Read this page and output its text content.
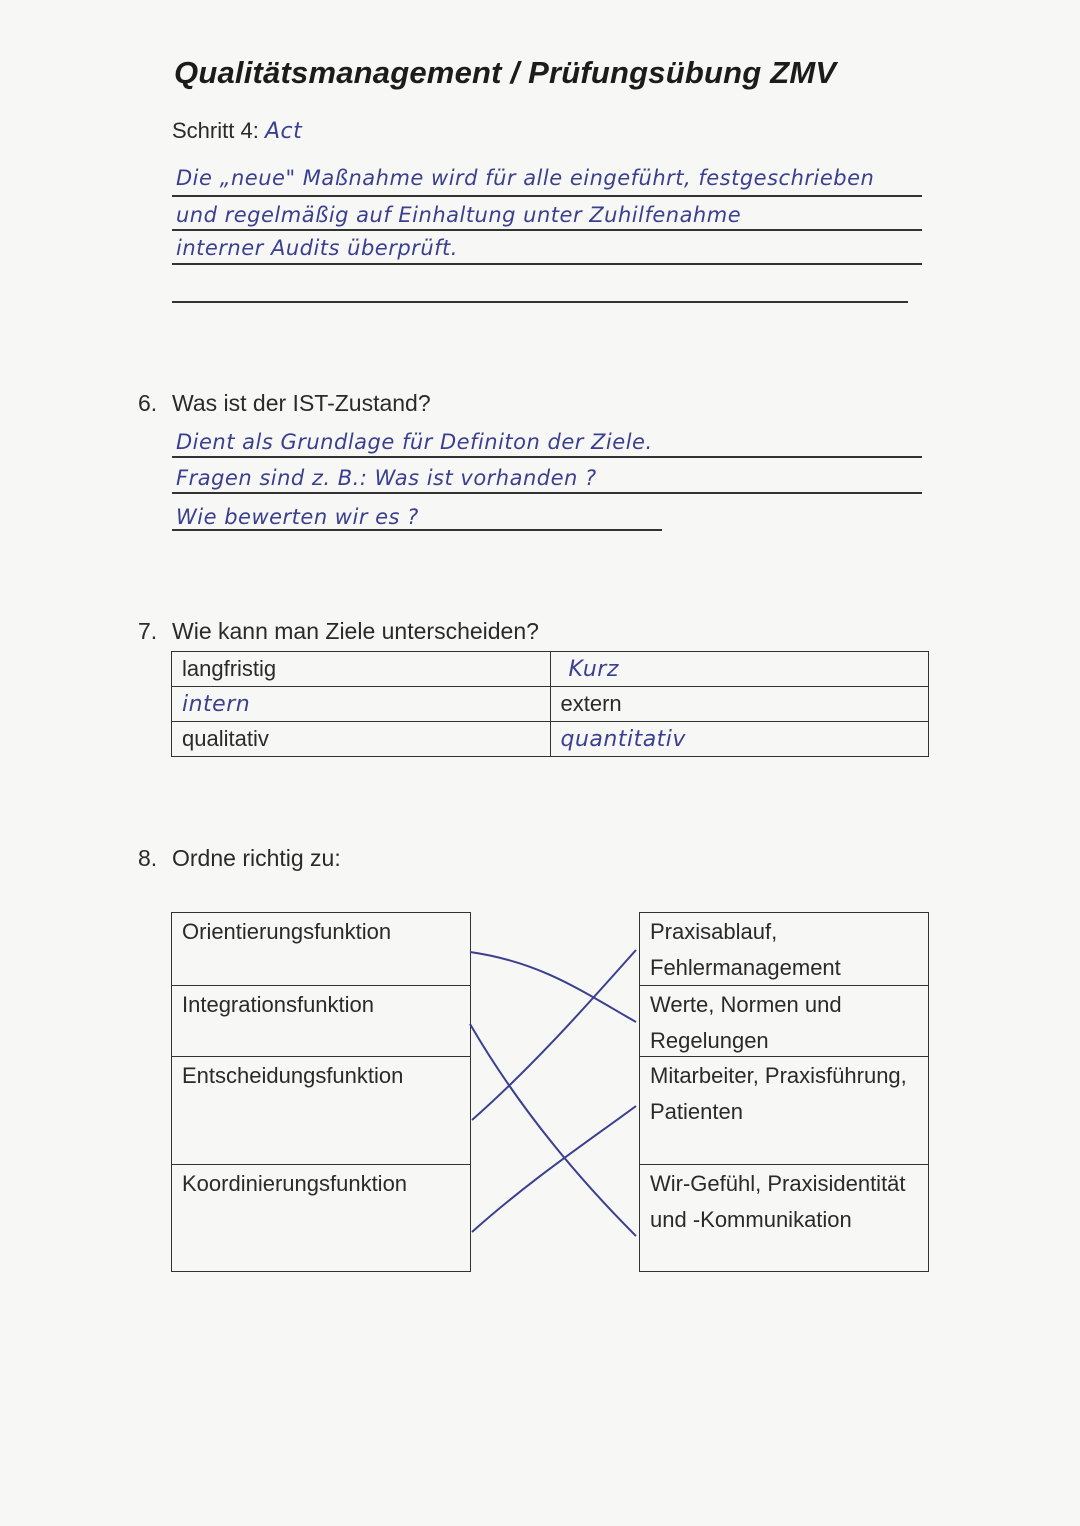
Qualitätsmanagement / Prüfungsübung ZMV
Schritt 4: Act
Die „neue" Maßnahme wird für alle eingeführt, festgeschrieben
und regelmäßig auf Einhaltung unter Zuhilfenahme
interner Audits überprüft.
6. Was ist der IST-Zustand?
Dient als Grundlage für Definiton der Ziele.
Fragen sind z. B.: Was ist vorhanden ?
Wie bewerten wir es ?
7. Wie kann man Ziele unterscheiden?
langfristig	Kurz
intern	extern
qualitativ	quantitativ
8. Ordne richtig zu:
Orientierungsfunktion
Integrationsfunktion
Entscheidungsfunktion
Koordinierungsfunktion
Praxisablauf, Fehlermanagement
Werte, Normen und Regelungen
Mitarbeiter, Praxisführung, Patienten
Wir-Gefühl, Praxisidentität und -Kommunikation
